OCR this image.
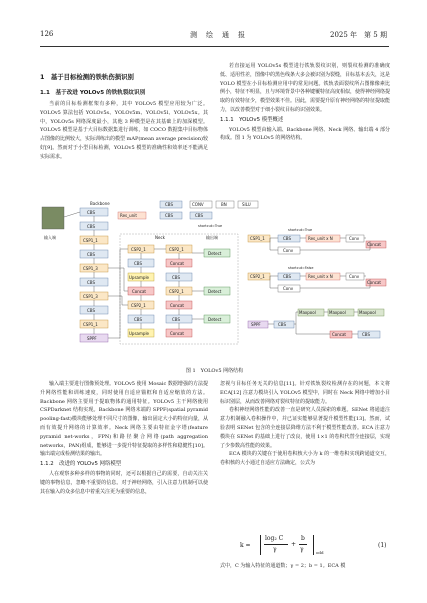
126	测　绘　通　报	2025 年　第 5 期
1　基于目标检测的铁轨伤损识别
1.1　基于改进 YOLOv5 的铁轨裂纹识别

当前的目标检测框架有多种，其中 YOLOv5 模型应用较为广泛。YOLOv5 算法包括 YOLOv5s、YOLOv5m、YOLOv5l、YOLOv5x。其中，YOLOv5s 网络深度最小，其他 3 种模型是在其基础上的加深模型。YOLOv5 模型是基于大目标数据集进行训练，如 COCO 数据集中目标物体占图像的比例较大，实际训练出的模型 mAP(mean average precision)较好[9]。然而对于小型目标检测，YOLOv5 模型的准确性和效率还不能满足实际需求。

若直接运用 YOLOv5s 模型进行铁轨裂纹识别，则裂纹检测的准确度低、适用性差，图像中的黑色线条大多会被识别为裂缝，目标基本丢失，这是 YOLO 模型在小目标检测应用中的常见问题。铁轨表面裂纹所占图像像素比例小，特征不明显，且与环境背景中各种键覆特征高度相似，使得神经网络提取的有效特征少，模型效果不佳。因此，需要提升原有神经网络的特征提取能力，以改善模型对于细小裂纹目标的识别效果。

1.1.1　YOLOv5 模型概述

YOLOv5 模型由输入端、Backbone 网络、Neck 网络、输出端 4 部分构成。图 1 为 YOLOv5 的网络结构。

输入端
Backbone
CBS
CBS
CSP1_1
CBS
CSP1_3
CBS
CSP1_3
CBS
CSP1_1
SPPF
CBS	CONV	BN	SILU
Res_unit	CBS	CBS
shortcut=True
Neck
CSP2_1
CBS
Upsample
Concat
CSP2_1
CBS
Upsample
CSP2_1
Concat
CBS
CSP2_1
Concat
CBS
Concat
输出端
Detect
Detect
Detect
shortcut=True
CSP1_1	CBS	Res_unit x N	Conv
Conv
Concat
shortcut=False
CSP2_1	CBS	Res_unit x N	Conv
Conv
Concat
SPPF	CBS
Maxpool	Maxpool	Maxpool
Concat	CBS
图 1　YOLOv5 网络结构

输入端主要进行图像预处理。YOLOv5 使用 Mosaic 数据增强的方法提升网络性能和训练速度，同时使用自适应锚框和自适应缩放的方法。Backbone 网络主要用于提取物体的通用特征。YOLOv5 主干网络使用 CSPDarknet 结构实现。Backbone 网络末端的 SPPF(spatial pyramid pooling-fast)模块能够处理不同尺寸的图像，输出固定大小的特征向量，从而有效提升网络的计算效率。Neck 网络主要由特征金字塔(feature pyramid net-works，FPN)和路径聚合网络(path aggregation networks，PAN)组成，能够进一步提升特征提取的多样性和稳健性[10]。输出端完成检测结果的输出。

1.1.2　改进的 YOLOv5 网络模型

人在观察多种多样的事物的同时，还可以根据自己的需要，自动关注关键的事物信息，忽略不重要的信息。对于神经网络，引入注意力机制可以使其在输入的众多信息中着重关注更为重要的信息，

忽视与目标任务无关的信息[11]。针对铁轨裂纹检测存在的问题，本文将 ECA[12] 注意力模块引入 YOLOv5 模型中，同时在 Neck 网络中增加小目标识别层，从而改善网络对裂纹特征的提取能力。

卷积神经网络性能的改善一直是研究人员探索的难题。SENet 将通道注意力机制融入卷积操作中，并已证实能够显著提升模型性能[13]。然而，试验表明 SENet 包含的全连接层降维方法不利于模型性能改善。ECA 注意力模块在 SENet 的基础上进行了改良，使用 1×1 的卷积代替全连接层，实现了少参数高性能的效果。

ECA 模块的关键在于使用卷积核大小为 k 的一维卷积实现跨通道交互，卷积核的大小通过自适应方法确定，公式为

k =
log₂ C
γ
+
b
γ	odd
(1)

式中，C 为输入特征的通道数；γ = 2；b = 1。ECA 模
